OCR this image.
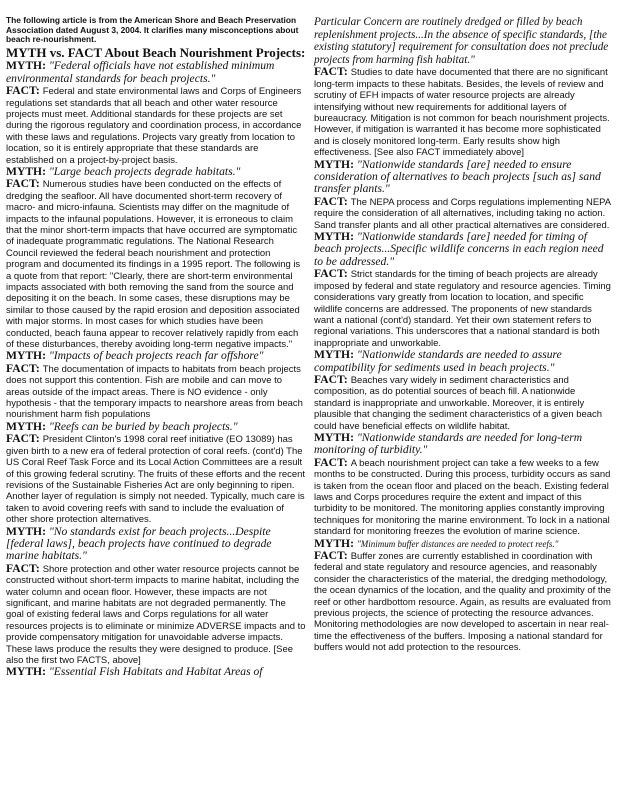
The following article is from the American Shore and Beach Preservation Association dated August 3, 2004. It clarifies many misconceptions about beach re-nourishment.
MYTH vs. FACT About Beach Nourishment Projects:

MYTH: "Federal officials have not established minimum environmental standards for beach projects."

FACT: Federal and state environmental laws and Corps of Engineers regulations set standards that all beach and other water resource projects must meet. Additional standards for these projects are set during the rigorous regulatory and coordination process, in accordance with these laws and regulations. Projects vary greatly from location to location, so it is entirely appropriate that these standards are established on a project-by-project basis.

MYTH: "Large beach projects degrade habitats."

FACT: Numerous studies have been conducted on the effects of dredging the seafloor. All have documented short-term recovery of macro- and micro-infauna. Scientists may differ on the magnitude of impacts to the infaunal populations. However, it is erroneous to claim that the minor short-term impacts that have occurred are symptomatic of inadequate programmatic regulations. The National Research Council reviewed the federal beach nourishment and protection program and documented its findings in a 1995 report. The following is a quote from that report: "Clearly, there are short-term environmental impacts associated with both removing the sand from the source and depositing it on the beach. In some cases, these disruptions may be similar to those caused by the rapid erosion and deposition associated with major storms. In most cases for which studies have been conducted, beach fauna appear to recover relatively rapidly from each of these disturbances, thereby avoiding long-term negative impacts."

MYTH: "Impacts of beach projects reach far offshore"

FACT: The documentation of impacts to habitats from beach projects does not support this contention. Fish are mobile and can move to areas outside of the impact areas. There is NO evidence - only hypothesis - that the temporary impacts to nearshore areas from beach nourishment harm fish populations

MYTH: "Reefs can be buried by beach projects."

FACT: President Clinton's 1998 coral reef initiative (EO 13089) has given birth to a new era of federal protection of coral reefs. (cont'd) The US Coral Reef Task Force and its Local Action Committees are a result of this growing federal scrutiny. The fruits of these efforts and the recent revisions of the Sustainable Fisheries Act are only beginning to ripen. Another layer of regulation is simply not needed. Typically, much care is taken to avoid covering reefs with sand to include the evaluation of other shore protection alternatives.

MYTH: "No standards exist for beach projects...Despite [federal laws], beach projects have continued to degrade marine habitats."

FACT: Shore protection and other water resource projects cannot be constructed without short-term impacts to marine habitat, including the water column and ocean floor. However, these impacts are not significant, and marine habitats are not degraded permanently. The goal of existing federal laws and Corps regulations for all water resources projects is to eliminate or minimize ADVERSE impacts and to provide compensatory mitigation for unavoidable adverse impacts. These laws produce the results they were designed to produce. [See also the first two FACTS, above]

MYTH: "Essential Fish Habitats and Habitat Areas of

Particular Concern are routinely dredged or filled by beach replenishment projects...In the absence of specific standards, [the existing statutory] requirement for consultation does not preclude projects from harming fish habitat."

FACT: Studies to date have documented that there are no significant long-term impacts to these habitats. Besides, the levels of review and scrutiny of EFH impacts of water resource projects are already intensifying without new requirements for additional layers of bureaucracy. Mitigation is not common for beach nourishment projects. However, if mitigation is warranted it has become more sophisticated and is closely monitored long-term. Early results show high effectiveness. [See also FACT immediately above]

MYTH: "Nationwide standards [are] needed to ensure consideration of alternatives to beach projects [such as] sand transfer plants."

FACT: The NEPA process and Corps regulations implementing NEPA require the consideration of all alternatives, including taking no action. Sand transfer plants and all other practical alternatives are considered.

MYTH: "Nationwide standards [are] needed for timing of beach projects...Specific wildlife concerns in each region need to be addressed."

FACT: Strict standards for the timing of beach projects are already imposed by federal and state regulatory and resource agencies. Timing considerations vary greatly from location to location, and specific wildlife concerns are addressed. The proponents of new standards want a national (cont'd) standard. Yet their own statement refers to regional variations. This underscores that a national standard is both inappropriate and unworkable.

MYTH: "Nationwide standards are needed to assure compatibility for sediments used in beach projects."

FACT: Beaches vary widely in sediment characteristics and composition, as do potential sources of beach fill. A nationwide standard is inappropriate and unworkable. Moreover, it is entirely plausible that changing the sediment characteristics of a given beach could have beneficial effects on wildlife habitat.

MYTH: "Nationwide standards are needed for long-term monitoring of turbidity."

FACT: A beach nourishment project can take a few weeks to a few months to be constructed. During this process, turbidity occurs as sand is taken from the ocean floor and placed on the beach. Existing federal laws and Corps procedures require the extent and impact of this turbidity to be monitored. The monitoring applies constantly improving techniques for monitoring the marine environment. To lock in a national standard for monitoring freezes the evolution of marine science.

MYTH: "Minimum buffer distances are needed to protect reefs."

FACT: Buffer zones are currently established in coordination with federal and state regulatory and resource agencies, and reasonably consider the characteristics of the material, the dredging methodology, the ocean dynamics of the location, and the quality and proximity of the reef or other hardbottom resource. Again, as results are evaluated from previous projects, the science of protecting the resource advances. Monitoring methodologies are now developed to ascertain in near real-time the effectiveness of the buffers. Imposing a national standard for buffers would not add protection to the resources.
